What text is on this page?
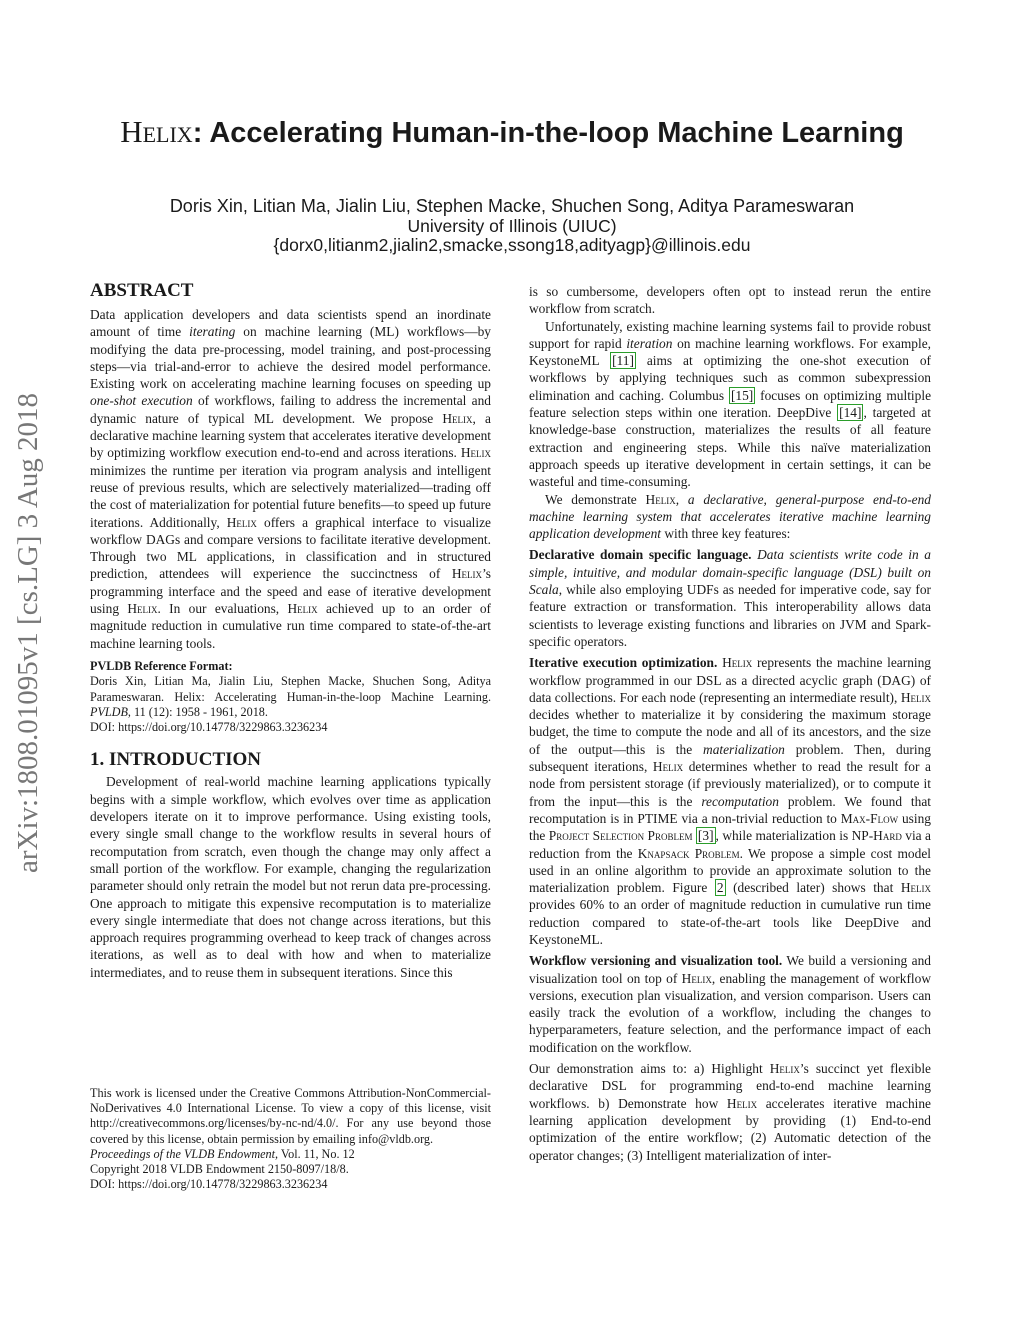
Helix: Accelerating Human-in-the-loop Machine Learning
Doris Xin, Litian Ma, Jialin Liu, Stephen Macke, Shuchen Song, Aditya Parameswaran
University of Illinois (UIUC)
{dorx0,litianm2,jialin2,smacke,ssong18,adityagp}@illinois.edu
arXiv:1808.01095v1 [cs.LG] 3 Aug 2018
ABSTRACT

Data application developers and data scientists spend an inordinate amount of time iterating on machine learning (ML) workflows—by modifying the data pre-processing, model training, and post-processing steps—via trial-and-error to achieve the desired model performance. Existing work on accelerating machine learning focuses on speeding up one-shot execution of workflows, failing to address the incremental and dynamic nature of typical ML development. We propose Helix, a declarative machine learning system that accelerates iterative development by optimizing workflow execution end-to-end and across iterations. Helix minimizes the runtime per iteration via program analysis and intelligent reuse of previous results, which are selectively materialized—trading off the cost of materialization for potential future benefits—to speed up future iterations. Additionally, Helix offers a graphical interface to visualize workflow DAGs and compare versions to facilitate iterative development. Through two ML applications, in classification and in structured prediction, attendees will experience the succinctness of Helix’s programming interface and the speed and ease of iterative development using Helix. In our evaluations, Helix achieved up to an order of magnitude reduction in cumulative run time compared to state-of-the-art machine learning tools.

PVLDB Reference Format:
Doris Xin, Litian Ma, Jialin Liu, Stephen Macke, Shuchen Song, Aditya Parameswaran. Helix: Accelerating Human-in-the-loop Machine Learning. PVLDB, 11 (12): 1958 - 1961, 2018.
DOI: https://doi.org/10.14778/3229863.3236234
1. INTRODUCTION

Development of real-world machine learning applications typically begins with a simple workflow, which evolves over time as application developers iterate on it to improve performance. Using existing tools, every single small change to the workflow results in several hours of recomputation from scratch, even though the change may only affect a small portion of the workflow. For example, changing the regularization parameter should only retrain the model but not rerun data pre-processing. One approach to mitigate this expensive recomputation is to materialize every single intermediate that does not change across iterations, but this approach requires programming overhead to keep track of changes across iterations, as well as to deal with how and when to materialize intermediates, and to reuse them in subsequent iterations. Since this

This work is licensed under the Creative Commons Attribution-NonCommercial-NoDerivatives 4.0 International License. To view a copy of this license, visit http://creativecommons.org/licenses/by-nc-nd/4.0/. For any use beyond those covered by this license, obtain permission by emailing info@vldb.org.

Proceedings of the VLDB Endowment, Vol. 11, No. 12

Copyright 2018 VLDB Endowment 2150-8097/18/8.

DOI: https://doi.org/10.14778/3229863.3236234

is so cumbersome, developers often opt to instead rerun the entire workflow from scratch.

Unfortunately, existing machine learning systems fail to provide robust support for rapid iteration on machine learning workflows. For example, KeystoneML [11] aims at optimizing the one-shot execution of workflows by applying techniques such as common subexpression elimination and caching. Columbus [15] focuses on optimizing multiple feature selection steps within one iteration. DeepDive [14] , targeted at knowledge-base construction, materializes the results of all feature extraction and engineering steps. While this naïve materialization approach speeds up iterative development in certain settings, it can be wasteful and time-consuming.

We demonstrate Helix, a declarative, general-purpose end-to-end machine learning system that accelerates iterative machine learning application development with three key features:

Declarative domain specific language. Data scientists write code in a simple, intuitive, and modular domain-specific language (DSL) built on Scala, while also employing UDFs as needed for imperative code, say for feature extraction or transformation. This interoperability allows data scientists to leverage existing functions and libraries on JVM and Spark-specific operators.

Iterative execution optimization. Helix represents the machine learning workflow programmed in our DSL as a directed acyclic graph (DAG) of data collections. For each node (representing an intermediate result), Helix decides whether to materialize it by considering the maximum storage budget, the time to compute the node and all of its ancestors, and the size of the output—this is the materialization problem. Then, during subsequent iterations, Helix determines whether to read the result for a node from persistent storage (if previously materialized), or to compute it from the input—this is the recomputation problem. We found that recomputation is in PTIME via a non-trivial reduction to Max-Flow using the Project Selection Problem [3] , while materialization is NP-Hard via a reduction from the Knapsack Problem. We propose a simple cost model used in an online algorithm to provide an approximate solution to the materialization problem. Figure 2 (described later) shows that Helix provides 60% to an order of magnitude reduction in cumulative run time reduction compared to state-of-the-art tools like DeepDive and KeystoneML.

Workflow versioning and visualization tool. We build a versioning and visualization tool on top of Helix, enabling the management of workflow versions, execution plan visualization, and version comparison. Users can easily track the evolution of a workflow, including the changes to hyperparameters, feature selection, and the performance impact of each modification on the workflow.

Our demonstration aims to: a) Highlight Helix’s succinct yet flexible declarative DSL for programming end-to-end machine learning workflows. b) Demonstrate how Helix accelerates iterative machine learning application development by providing (1) End-to-end optimization of the entire workflow; (2) Automatic detection of the operator changes; (3) Intelligent materialization of inter-
